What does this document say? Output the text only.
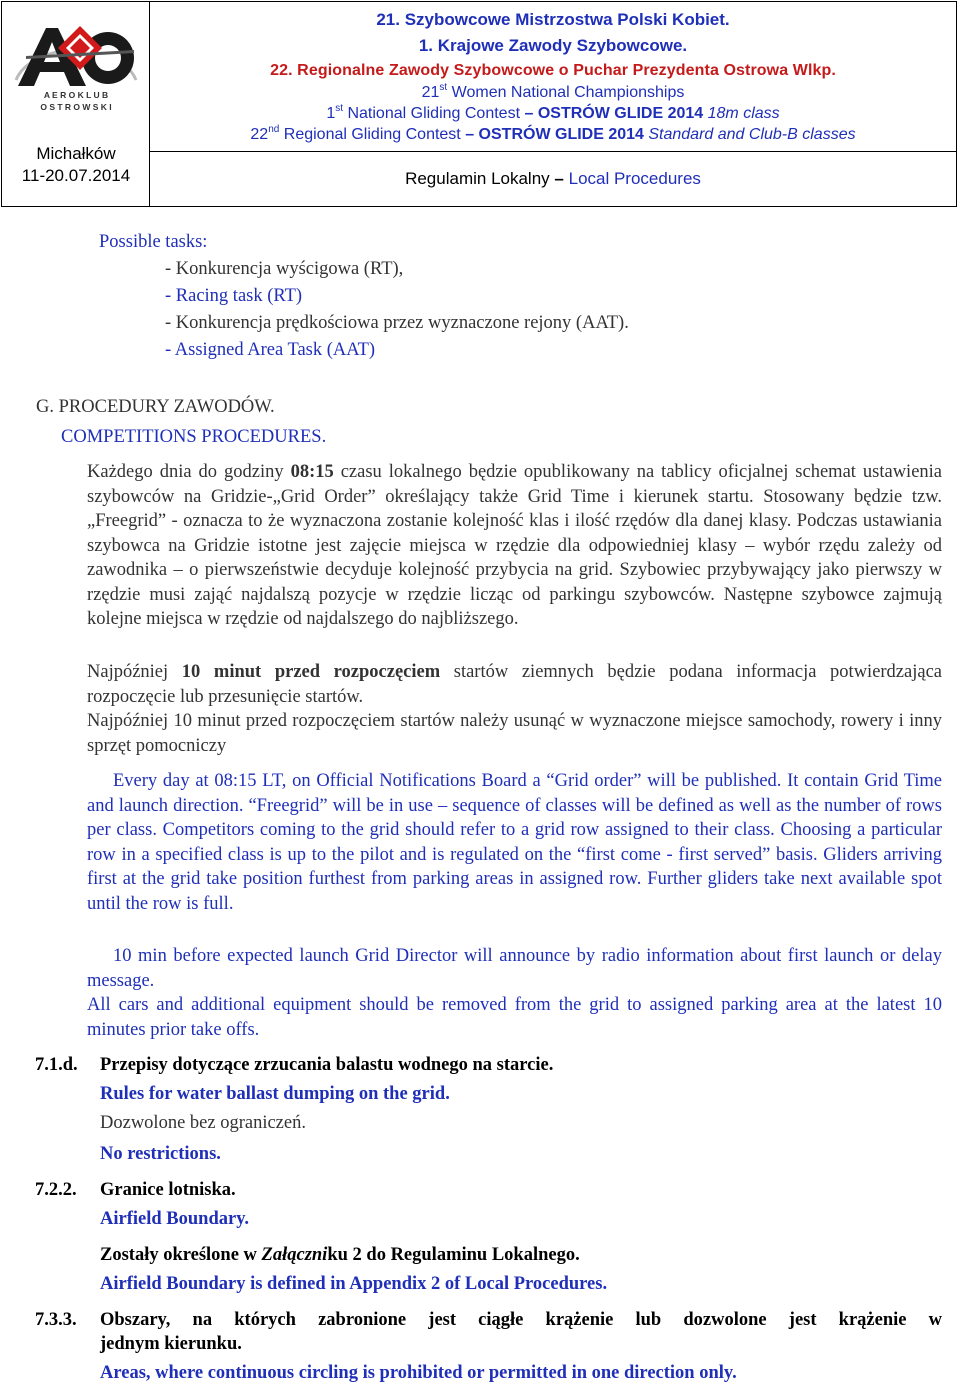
A E R O K L U B
O S T R O W S K I
Michałków
11-20.07.2014
21. Szybowcowe Mistrzostwa Polski Kobiet.
1. Krajowe Zawody Szybowcowe.
22. Regionalne Zawody Szybowcowe o Puchar Prezydenta Ostrowa Wlkp.
21st Women National Championships
1st National Gliding Contest – OSTRÓW GLIDE 2014 18m class
22nd Regional Gliding Contest – OSTRÓW GLIDE 2014 Standard and Club-B classes
Regulamin Lokalny – Local Procedures
Possible tasks:
- Konkurencja wyścigowa (RT),
- Racing task (RT)
- Konkurencja prędkościowa przez wyznaczone rejony (AAT).
- Assigned Area Task (AAT)
G. PROCEDURY ZAWODÓW.
COMPETITIONS PROCEDURES.

Każdego dnia do godziny 08:15 czasu lokalnego będzie opublikowany na tablicy oficjalnej schemat ustawienia szybowców na Gridzie-„Grid Order” określający także Grid Time i kierunek startu. Stosowany będzie tzw. „Freegrid” - oznacza to że wyznaczona zostanie kolejność klas i ilość rzędów dla danej klasy. Podczas ustawiania szybowca na Gridzie istotne jest zajęcie miejsca w rzędzie dla odpowiedniej klasy – wybór rzędu zależy od zawodnika – o pierwszeństwie decyduje kolejność przybycia na grid. Szybowiec przybywający jako pierwszy w rzędzie musi zająć najdalszą pozycje w rzędzie licząc od parkingu szybowców. Następne szybowce zajmują kolejne miejsca w rzędzie od najdalszego do najbliższego.

Najpóźniej 10 minut przed rozpoczęciem startów ziemnych będzie podana informacja potwierdzająca rozpoczęcie lub przesunięcie startów.

Najpóźniej 10 minut przed rozpoczęciem startów należy usunąć w wyznaczone miejsce samochody, rowery i inny sprzęt pomocniczy

Every day at 08:15 LT, on Official Notifications Board a “Grid order” will be published. It contain Grid Time and launch direction. “Freegrid” will be in use – sequence of classes will be defined as well as the number of rows per class. Competitors coming to the grid should refer to a grid row assigned to their class. Choosing a particular row in a specified class is up to the pilot and is regulated on the “first come - first served” basis. Gliders arriving first at the grid take position furthest from parking areas in assigned row. Further gliders take next available spot until the row is full.

10 min before expected launch Grid Director will announce by radio information about first launch or delay message.

All cars and additional equipment should be removed from the grid to assigned parking area at the latest 10 minutes prior take offs.

7.1.d. Przepisy dotyczące zrzucania balastu wodnego na starcie.
Rules for water ballast dumping on the grid.
Dozwolone bez ograniczeń.
No restrictions.
7.2.2. Granice lotniska.
Airfield Boundary.
Zostały określone w Załączniku 2 do Regulaminu Lokalnego.
Airfield Boundary is defined in Appendix 2 of Local Procedures.
7.3.3. Obszary, na których zabronione jest ciągłe krążenie lub dozwolone jest krążenie w
jednym kierunku.
Areas, where continuous circling is prohibited or permitted in one direction only.
